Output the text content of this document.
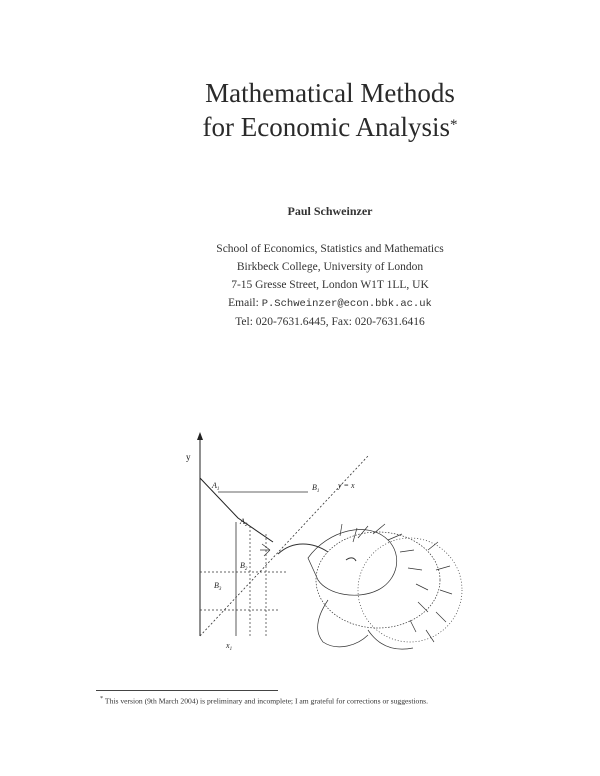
Mathematical Methods
for Economic Analysis*
Paul Schweinzer
School of Economics, Statistics and Mathematics
Birkbeck College, University of London
7-15 Gresse Street, London W1T 1LL, UK
Email: P.Schweinzer@econ.bbk.ac.uk
Tel: 020-7631.6445, Fax: 020-7631.6416
y
y = x
$A_1$	$B_1$
$A_2$
$B_2$
$B_3$
$x_1$
* This version (9th March 2004) is preliminary and incomplete; I am grateful for corrections or suggestions.
